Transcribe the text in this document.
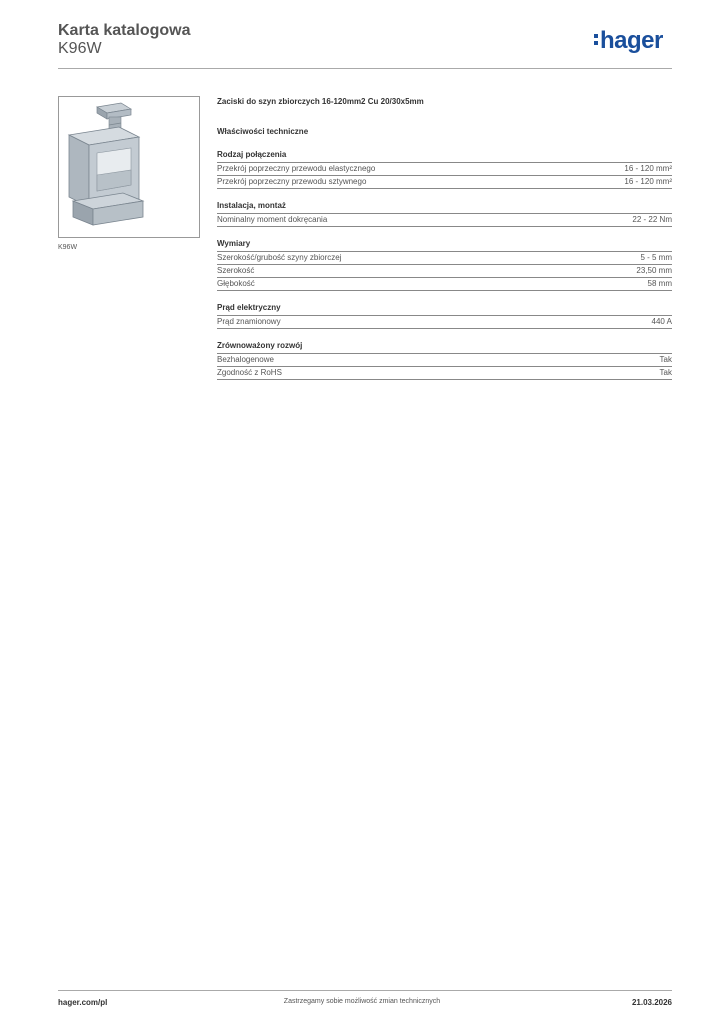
Karta katalogowa
K96W	hager
K96W
Zaciski do szyn zbiorczych 16-120mm2 Cu 20/30x5mm
Właściwości techniczne
Rodzaj połączenia
Przekrój poprzeczny przewodu elastycznego	16 - 120 mm²
Przekrój poprzeczny przewodu sztywnego	16 - 120 mm²
Instalacja, montaż
Nominalny moment dokręcania	22 - 22 Nm
Wymiary
Szerokość/grubość szyny zbiorczej	5 - 5 mm
Szerokość	23,50 mm
Głębokość	58 mm
Prąd elektryczny
Prąd znamionowy	440 A
Zrównoważony rozwój
Bezhalogenowe	Tak
Zgodność z RoHS	Tak
hager.com/pl	Zastrzegamy sobie możliwość zmian technicznych	21.03.2026
